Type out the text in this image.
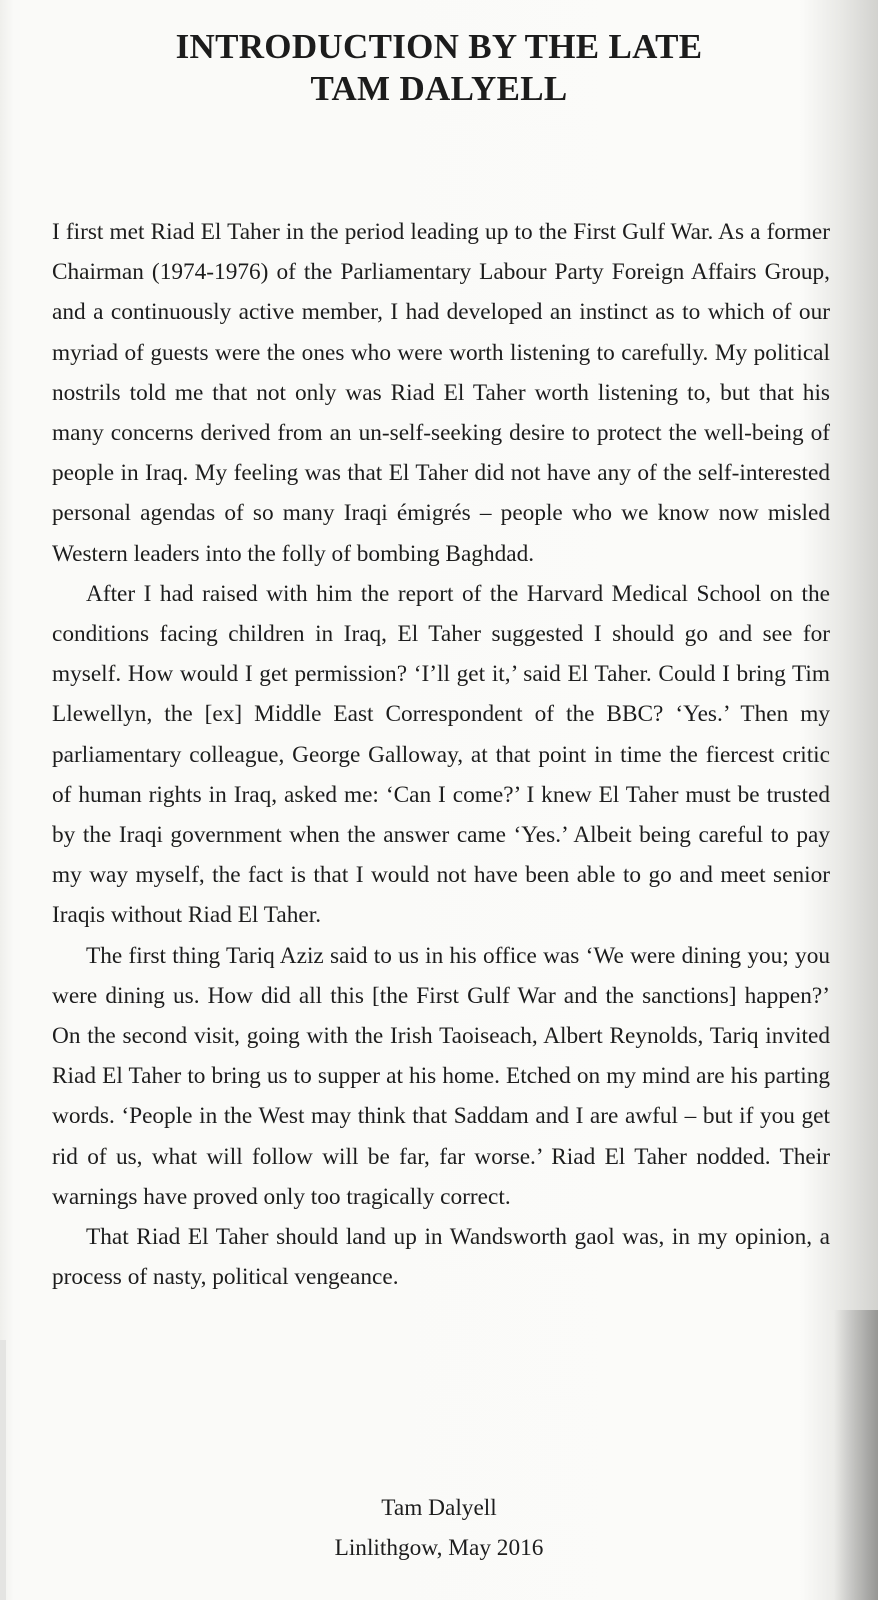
INTRODUCTION BY THE LATE
TAM DALYELL

I first met Riad El Taher in the period leading up to the First Gulf War. As a former Chairman (1974-1976) of the Parliamentary Labour Party Foreign Affairs Group, and a continuously active member, I had developed an instinct as to which of our myriad of guests were the ones who were worth listening to carefully. My political nostrils told me that not only was Riad El Taher worth listening to, but that his many concerns derived from an un-self-seeking desire to protect the well-being of people in Iraq. My feeling was that El Taher did not have any of the self-interested personal agendas of so many Iraqi émigrés – people who we know now misled Western leaders into the folly of bombing Baghdad.

After I had raised with him the report of the Harvard Medical School on the conditions facing children in Iraq, El Taher suggested I should go and see for myself. How would I get permission? ‘I’ll get it,’ said El Taher. Could I bring Tim Llewellyn, the [ex] Middle East Correspondent of the BBC? ‘Yes.’ Then my parliamentary colleague, George Galloway, at that point in time the fiercest critic of human rights in Iraq, asked me: ‘Can I come?’ I knew El Taher must be trusted by the Iraqi government when the answer came ‘Yes.’ Albeit being careful to pay my way myself, the fact is that I would not have been able to go and meet senior Iraqis without Riad El Taher.

The first thing Tariq Aziz said to us in his office was ‘We were dining you; you were dining us. How did all this [the First Gulf War and the sanctions] happen?’ On the second visit, going with the Irish Taoiseach, Albert Reynolds, Tariq invited Riad El Taher to bring us to supper at his home. Etched on my mind are his parting words. ‘People in the West may think that Saddam and I are awful – but if you get rid of us, what will follow will be far, far worse.’ Riad El Taher nodded. Their warnings have proved only too tragically correct.

That Riad El Taher should land up in Wandsworth gaol was, in my opinion, a process of nasty, political vengeance.

Tam Dalyell
Linlithgow, May 2016
